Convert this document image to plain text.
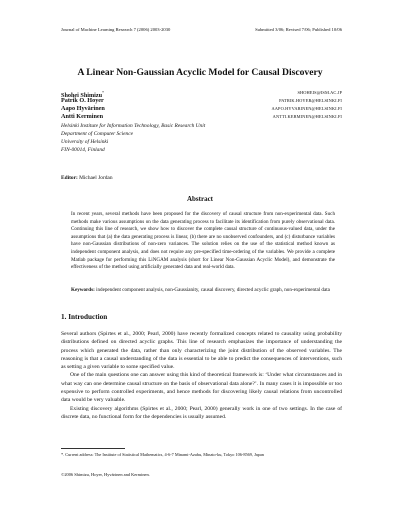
Journal of Machine Learning Research 7 (2006) 2003-2030	Submitted 3/06; Revised 7/06; Published 10/06
A Linear Non-Gaussian Acyclic Model for Causal Discovery
Shohei Shimizu*	SHOHEIS@ISM.AC.JP
Patrik O. Hoyer	PATRIK.HOYER@HELSINKI.FI
Aapo Hyvärinen	AAPO.HYVARINEN@HELSINKI.FI
Antti Kerminen	ANTTI.KERMINEN@HELSINKI.FI
Helsinki Institute for Information Technology, Basic Research Unit
Department of Computer Science
University of Helsinki
FIN-00014, Finland
Editor: Michael Jordan
Abstract

In recent years, several methods have been proposed for the discovery of causal structure from non-experimental data. Such methods make various assumptions on the data generating process to facilitate its identification from purely observational data. Continuing this line of research, we show how to discover the complete causal structure of continuous-valued data, under the assumptions that (a) the data generating process is linear, (b) there are no unobserved confounders, and (c) disturbance variables have non-Gaussian distributions of non-zero variances. The solution relies on the use of the statistical method known as independent component analysis, and does not require any pre-specified time-ordering of the variables. We provide a complete Matlab package for performing this LiNGAM analysis (short for Linear Non-Gaussian Acyclic Model), and demonstrate the effectiveness of the method using artificially generated data and real-world data.

Keywords: independent component analysis, non-Gaussianity, causal discovery, directed acyclic graph, non-experimental data

1. Introduction

Several authors (Spirtes et al., 2000; Pearl, 2000) have recently formalized concepts related to causality using probability distributions defined on directed acyclic graphs. This line of research emphasizes the importance of understanding the process which generated the data, rather than only characterizing the joint distribution of the observed variables. The reasoning is that a causal understanding of the data is essential to be able to predict the consequences of interventions, such as setting a given variable to some specified value.

One of the main questions one can answer using this kind of theoretical framework is: ‘Under what circumstances and in what way can one determine causal structure on the basis of observational data alone?’. In many cases it is impossible or too expensive to perform controlled experiments, and hence methods for discovering likely causal relations from uncontrolled data would be very valuable.

Existing discovery algorithms (Spirtes et al., 2000; Pearl, 2000) generally work in one of two settings. In the case of discrete data, no functional form for the dependencies is usually assumed.

*. Current address: The Institute of Statistical Mathematics, 4-6-7 Minami-Azabu, Minato-ku, Tokyo 106-8569, Japan
©2006 Shimizu, Hoyer, Hyvärinen and Kerminen.
